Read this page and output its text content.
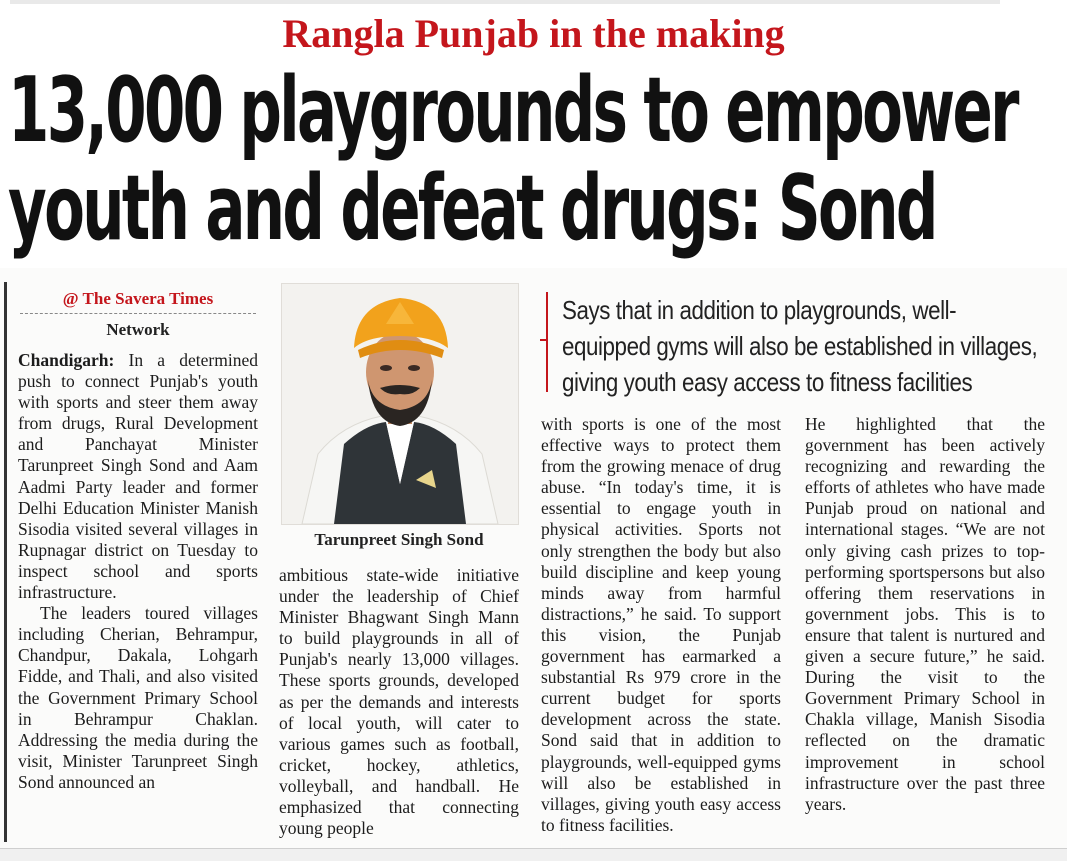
Rangla Punjab in the making
13,000 playgrounds to empower
youth and defeat drugs: Sond
@ The Savera Times
Network

Chandigarh: In a determined push to connect Punjab's youth with sports and steer them away from drugs, Rural Development and Panchayat Minister Tarunpreet Singh Sond and Aam Aadmi Party leader and former Delhi Education Minister Manish Sisodia visited several villages in Rupnagar district on Tuesday to inspect school and sports infrastructure.

The leaders toured villages including Cherian, Behrampur, Chandpur, Dakala, Lohgarh Fidde, and Thali, and also visited the Government Primary School in Behrampur Chaklan. Addressing the media during the visit, Minister Tarunpreet Singh Sond announced an

Tarunpreet Singh Sond
Says that in addition to playgrounds, well-
equipped gyms will also be established in villages,
giving youth easy access to fitness facilities

ambitious state-wide initiative under the leadership of Chief Minister Bhagwant Singh Mann to build playgrounds in all of Punjab's nearly 13,000 villages. These sports grounds, developed as per the demands and interests of local youth, will cater to various games such as football, cricket, hockey, athletics, volleyball, and handball. He emphasized that connecting young people

with sports is one of the most effective ways to protect them from the growing menace of drug abuse. “In today's time, it is essential to engage youth in physical activities. Sports not only strengthen the body but also build discipline and keep young minds away from harmful distractions,” he said. To support this vision, the Punjab government has earmarked a substantial Rs 979 crore in the current budget for sports development across the state. Sond said that in addition to playgrounds, well-equipped gyms will also be established in villages, giving youth easy access to fitness facilities.

He highlighted that the government has been actively recognizing and rewarding the efforts of athletes who have made Punjab proud on national and international stages. “We are not only giving cash prizes to top-performing sportspersons but also offering them reservations in government jobs. This is to ensure that talent is nurtured and given a secure future,” he said. During the visit to the Government Primary School in Chakla village, Manish Sisodia reflected on the dramatic improvement in school infrastructure over the past three years.
